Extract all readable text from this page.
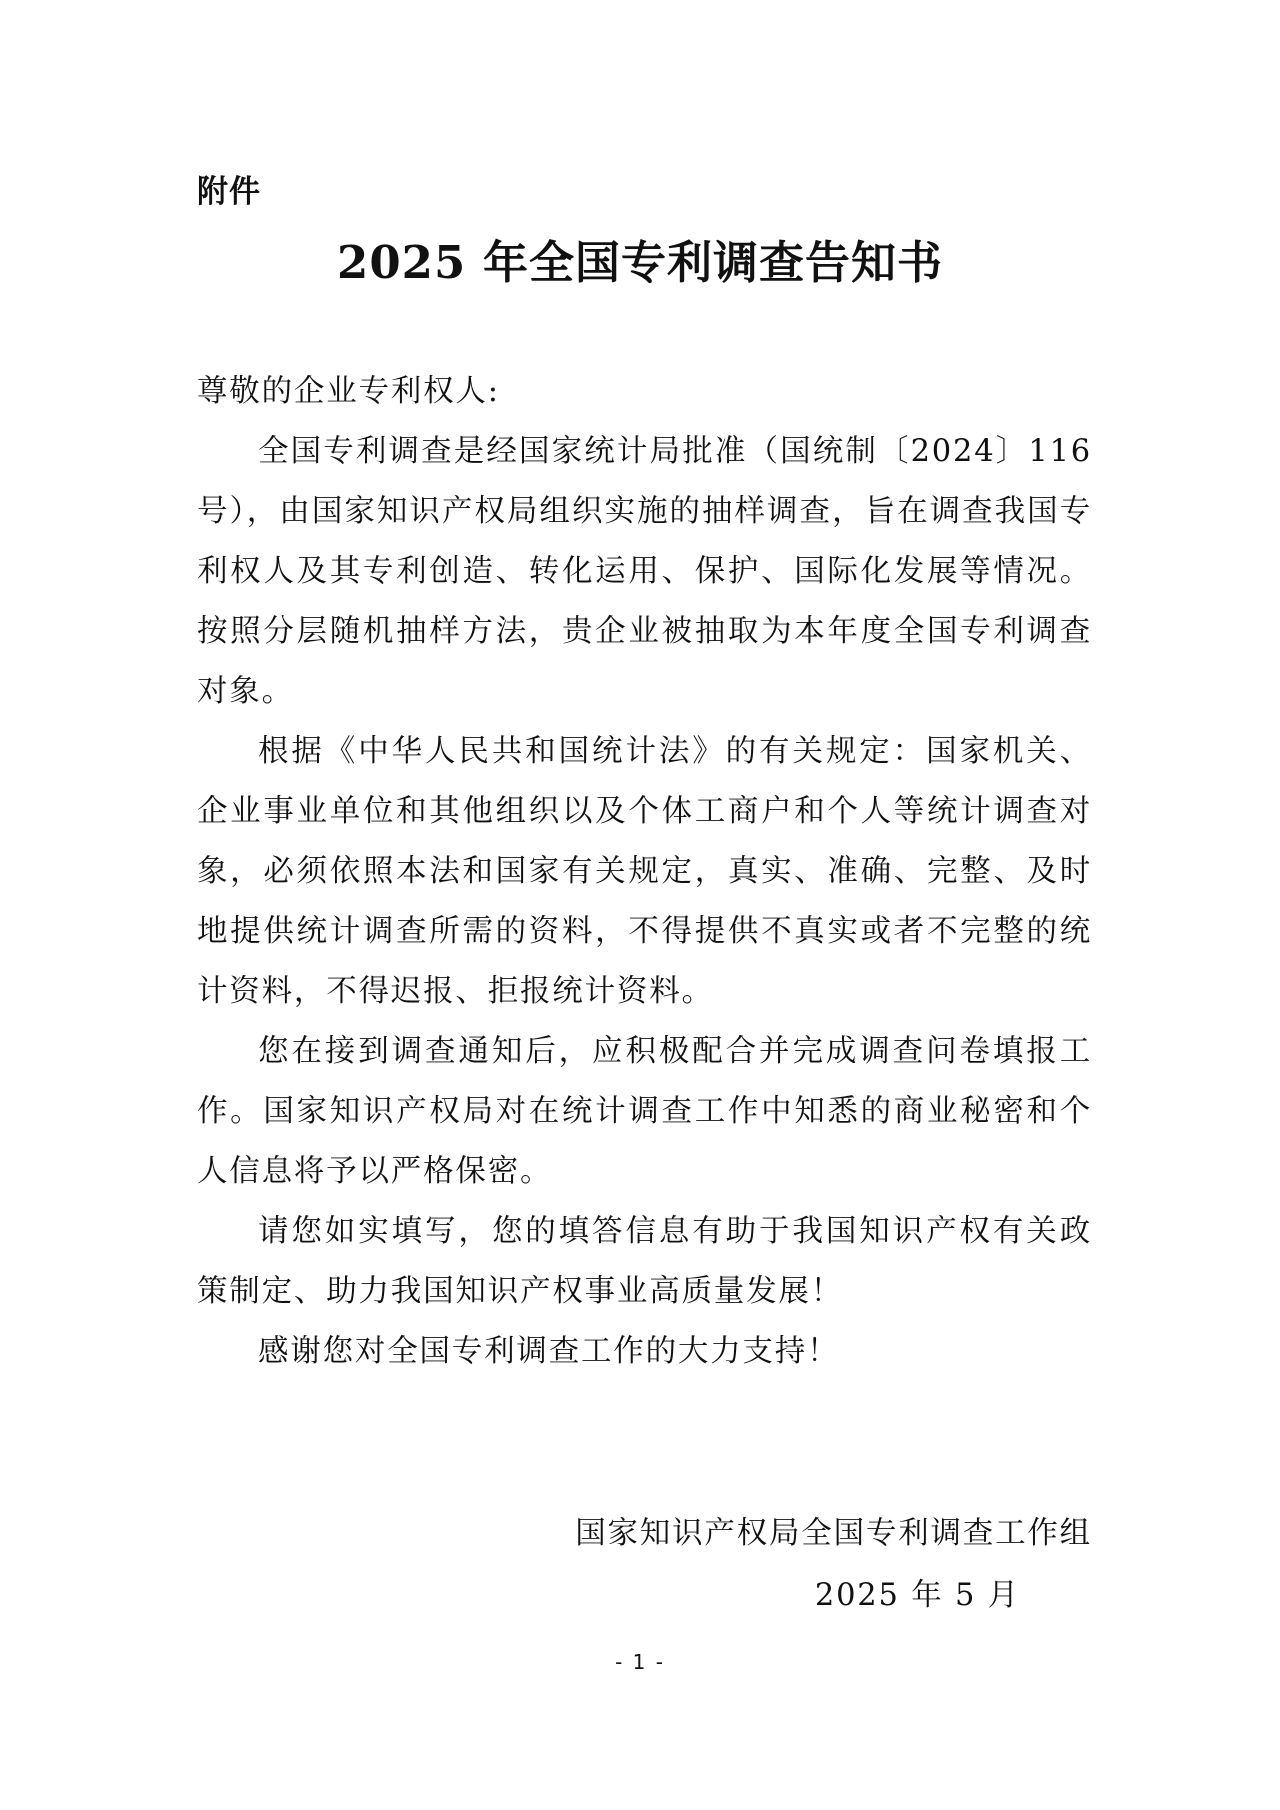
附件
2025 年全国专利调查告知书

尊敬的企业专利权人:

全国专利调查是经国家统计局批准（国统制〔2024〕116 号），由国家知识产权局组织实施的抽样调查，旨在调查我国专利权人及其专利创造、转化运用、保护、国际化发展等情况。按照分层随机抽样方法，贵企业被抽取为本年度全国专利调查对象。

根据《中华人民共和国统计法》的有关规定：国家机关、企业事业单位和其他组织以及个体工商户和个人等统计调查对象，必须依照本法和国家有关规定，真实、准确、完整、及时地提供统计调查所需的资料，不得提供不真实或者不完整的统计资料，不得迟报、拒报统计资料。

您在接到调查通知后，应积极配合并完成调查问卷填报工作。国家知识产权局对在统计调查工作中知悉的商业秘密和个人信息将予以严格保密。

请您如实填写，您的填答信息有助于我国知识产权有关政策制定、助力我国知识产权事业高质量发展！

感谢您对全国专利调查工作的大力支持！

国家知识产权局全国专利调查工作组
2025 年 5 月
- 1 -
